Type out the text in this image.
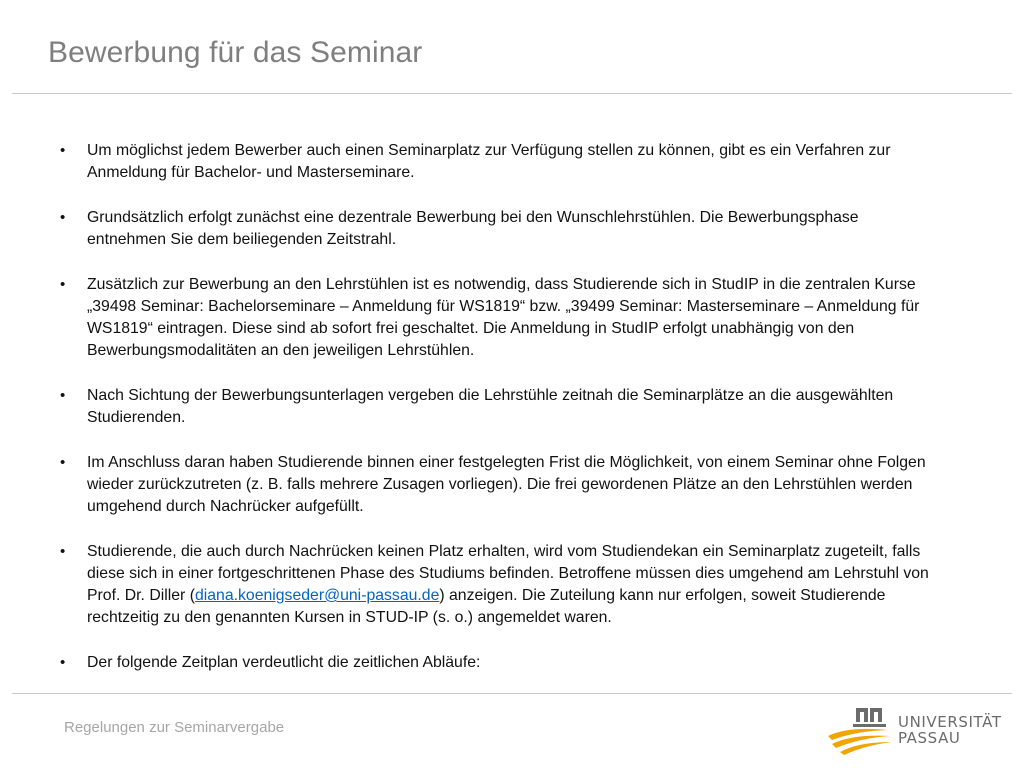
Bewerbung für das Seminar
• Um möglichst jedem Bewerber auch einen Seminarplatz zur Verfügung stellen zu können, gibt es ein Verfahren zur Anmeldung für Bachelor- und Masterseminare.
• Grundsätzlich erfolgt zunächst eine dezentrale Bewerbung bei den Wunschlehrstühlen. Die Bewerbungsphase entnehmen Sie dem beiliegenden Zeitstrahl.
• Zusätzlich zur Bewerbung an den Lehrstühlen ist es notwendig, dass Studierende sich in StudIP in die zentralen Kurse „39498 Seminar: Bachelorseminare – Anmeldung für WS1819“ bzw. „39499 Seminar: Masterseminare – Anmeldung für WS1819“ eintragen. Diese sind ab sofort frei geschaltet. Die Anmeldung in StudIP erfolgt unabhängig von den Bewerbungsmodalitäten an den jeweiligen Lehrstühlen.
• Nach Sichtung der Bewerbungsunterlagen vergeben die Lehrstühle zeitnah die Seminarplätze an die ausgewählten Studierenden.
• Im Anschluss daran haben Studierende binnen einer festgelegten Frist die Möglichkeit, von einem Seminar ohne Folgen wieder zurückzutreten (z. B. falls mehrere Zusagen vorliegen). Die frei gewordenen Plätze an den Lehrstühlen werden umgehend durch Nachrücker aufgefüllt.
• Studierende, die auch durch Nachrücken keinen Platz erhalten, wird vom Studiendekan ein Seminarplatz zugeteilt, falls diese sich in einer fortgeschrittenen Phase des Studiums befinden. Betroffene müssen dies umgehend am Lehrstuhl von Prof. Dr. Diller (diana.koenigseder@uni-passau.de) anzeigen. Die Zuteilung kann nur erfolgen, soweit Studierende rechtzeitig zu den genannten Kursen in STUD-IP (s. o.) angemeldet waren.
• Der folgende Zeitplan verdeutlicht die zeitlichen Abläufe:
Regelungen zur Seminarvergabe	UNIVERSITÄT
PASSAU
